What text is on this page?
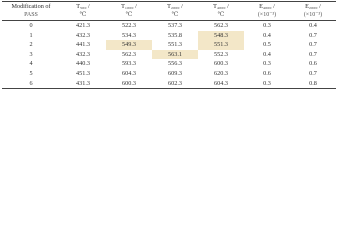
Modification of	T₅₀₀ /	T₁₀₀₀ /	T₂₀₀₀ /	T₄₀₀₀ /	E₄₀₀₀ /	E₂₀₀₀ /
PASS	℃	℃	℃	℃	(×10⁻³)	(×10⁻³)
0	421.3	522.3	537.3	562.3	0.3	0.4
1	432.3	534.3	535.8	548.3	0.4	0.7
2	441.3	549.3	551.3	551.3	0.5	0.7
3	432.3	562.3	563.1	552.3	0.4	0.7
4	440.3	593.3	556.3	600.3	0.3	0.6
5	451.3	604.3	609.3	620.3	0.6	0.7
6	431.3	600.3	602.3	604.3	0.3	0.8
